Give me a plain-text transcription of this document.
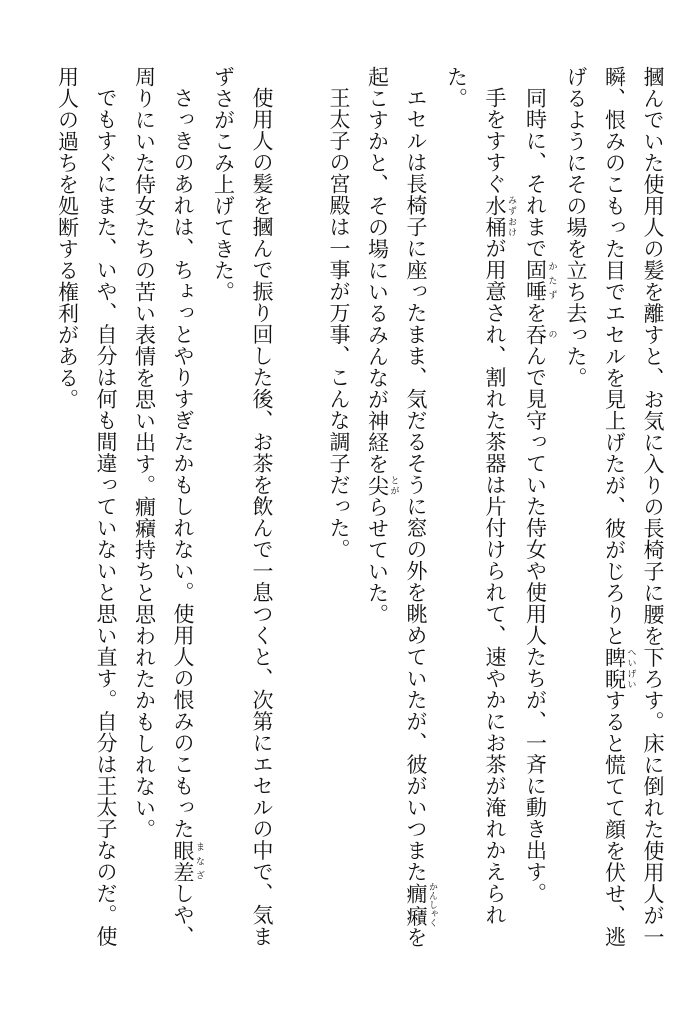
摑んでいた使用人の髪を離すと、お気に入りの長椅子に腰を下ろす。床に倒れた使用人が一瞬、恨みのこもった目でエセルを見上げたが、彼がじろりと睥睨 へいげいすると慌てて顔を伏せ、逃げるようにその場を立ち去った。

同時に、それまで固唾 かたずを吞 のんで見守っていた侍女や使用人たちが、一斉に動き出す。

手をすすぐ水桶 みずおけが用意され、割れた茶器は片付けられて、速やかにお茶が淹れかえられた。

エセルは長椅子に座ったまま、気だるそうに窓の外を眺めていたが、彼がいつまた癇癪 かんしゃくを起こすかと、その場にいるみんなが神経を尖 とがらせていた。

王太子の宮殿は一事が万事、こんな調子だった。

使用人の髪を摑んで振り回した後、お茶を飲んで一息つくと、次第にエセルの中で、気まずさがこみ上げてきた。

さっきのあれは、ちょっとやりすぎたかもしれない。使用人の恨みのこもった眼差 まなざしや、周りにいた侍女たちの苦い表情を思い出す。癇癪持ちと思われたかもしれない。

でもすぐにまた、いや、自分は何も間違っていないと思い直す。自分は王太子なのだ。使用人の過ちを処断する権利がある。
